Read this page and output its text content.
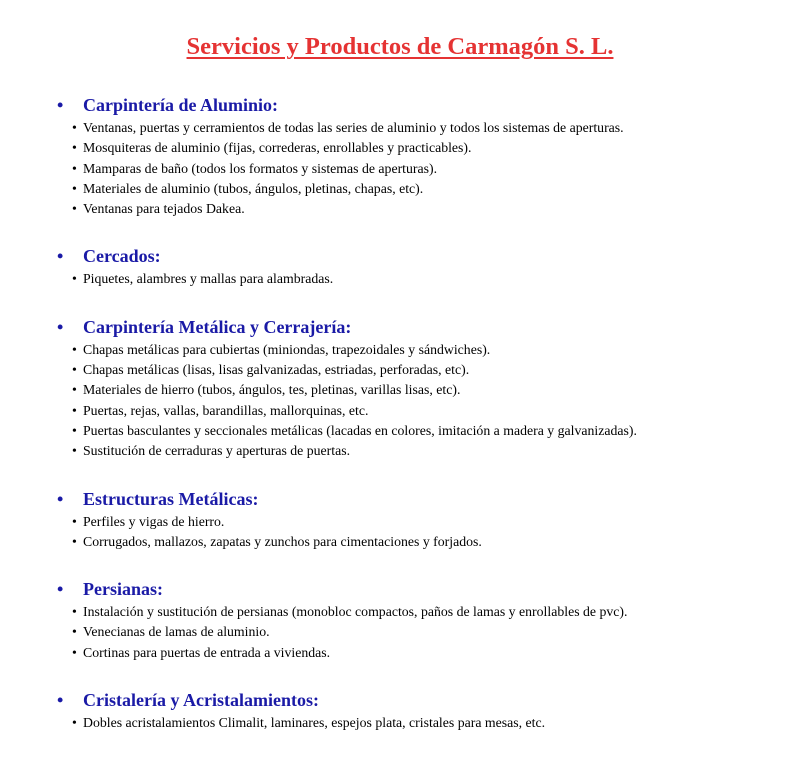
Servicios y Productos de Carmagón S. L.
• Carpintería de Aluminio:
• Ventanas, puertas y cerramientos de todas las series de aluminio y todos los sistemas de aperturas.
• Mosquiteras de aluminio (fijas, correderas, enrollables y practicables).
• Mamparas de baño (todos los formatos y sistemas de aperturas).
• Materiales de aluminio (tubos, ángulos, pletinas, chapas, etc).
• Ventanas para tejados Dakea.
• Cercados:
• Piquetes, alambres y mallas para alambradas.
• Carpintería Metálica y Cerrajería:
• Chapas metálicas para cubiertas (miniondas, trapezoidales y sándwiches).
• Chapas metálicas (lisas, lisas galvanizadas, estriadas, perforadas, etc).
• Materiales de hierro (tubos, ángulos, tes, pletinas, varillas lisas, etc).
• Puertas, rejas, vallas, barandillas, mallorquinas, etc.
• Puertas basculantes y seccionales metálicas (lacadas en colores, imitación a madera y galvanizadas).
• Sustitución de cerraduras y aperturas de puertas.
• Estructuras Metálicas:
• Perfiles y vigas de hierro.
• Corrugados, mallazos, zapatas y zunchos para cimentaciones y forjados.
• Persianas:
• Instalación y sustitución de persianas (monobloc compactos, paños de lamas y enrollables de pvc).
• Venecianas de lamas de aluminio.
• Cortinas para puertas de entrada a viviendas.
• Cristalería y Acristalamientos:
• Dobles acristalamientos Climalit, laminares, espejos plata, cristales para mesas, etc.
